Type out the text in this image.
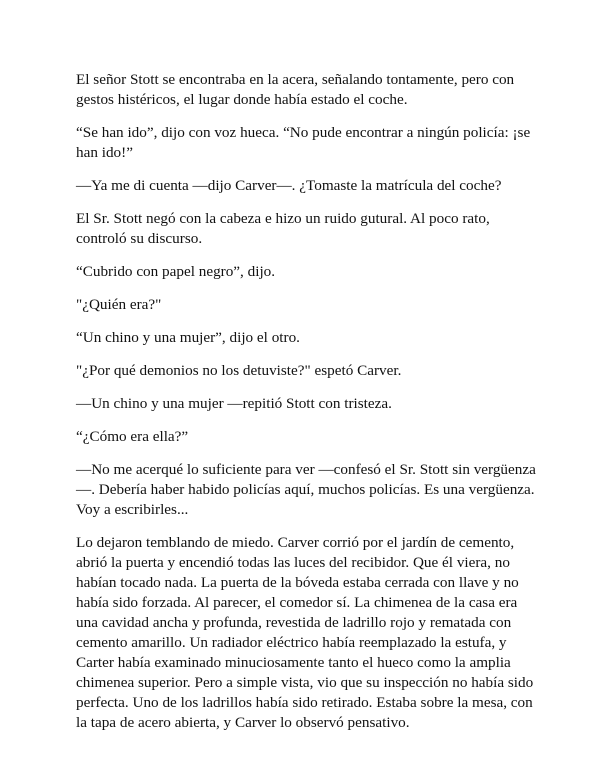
El señor Stott se encontraba en la acera, señalando tontamente, pero con gestos histéricos, el lugar donde había estado el coche.

“Se han ido”, dijo con voz hueca. “No pude encontrar a ningún policía: ¡se han ido!”

—Ya me di cuenta —dijo Carver—. ¿Tomaste la matrícula del coche?

El Sr. Stott negó con la cabeza e hizo un ruido gutural. Al poco rato, controló su discurso.

“Cubrido con papel negro”, dijo.

"¿Quién era?"

“Un chino y una mujer”, dijo el otro.

"¿Por qué demonios no los detuviste?" espetó Carver.

—Un chino y una mujer —repitió Stott con tristeza.

“¿Cómo era ella?”

—No me acerqué lo suficiente para ver —confesó el Sr. Stott sin vergüenza —. Debería haber habido policías aquí, muchos policías. Es una vergüenza. Voy a escribirles...

Lo dejaron temblando de miedo. Carver corrió por el jardín de cemento, abrió la puerta y encendió todas las luces del recibidor. Que él viera, no habían tocado nada. La puerta de la bóveda estaba cerrada con llave y no había sido forzada. Al parecer, el comedor sí. La chimenea de la casa era una cavidad ancha y profunda, revestida de ladrillo rojo y rematada con cemento amarillo. Un radiador eléctrico había reemplazado la estufa, y Carter había examinado minuciosamente tanto el hueco como la amplia chimenea superior. Pero a simple vista, vio que su inspección no había sido perfecta. Uno de los ladrillos había sido retirado. Estaba sobre la mesa, con la tapa de acero abierta, y Carver lo observó pensativo.
